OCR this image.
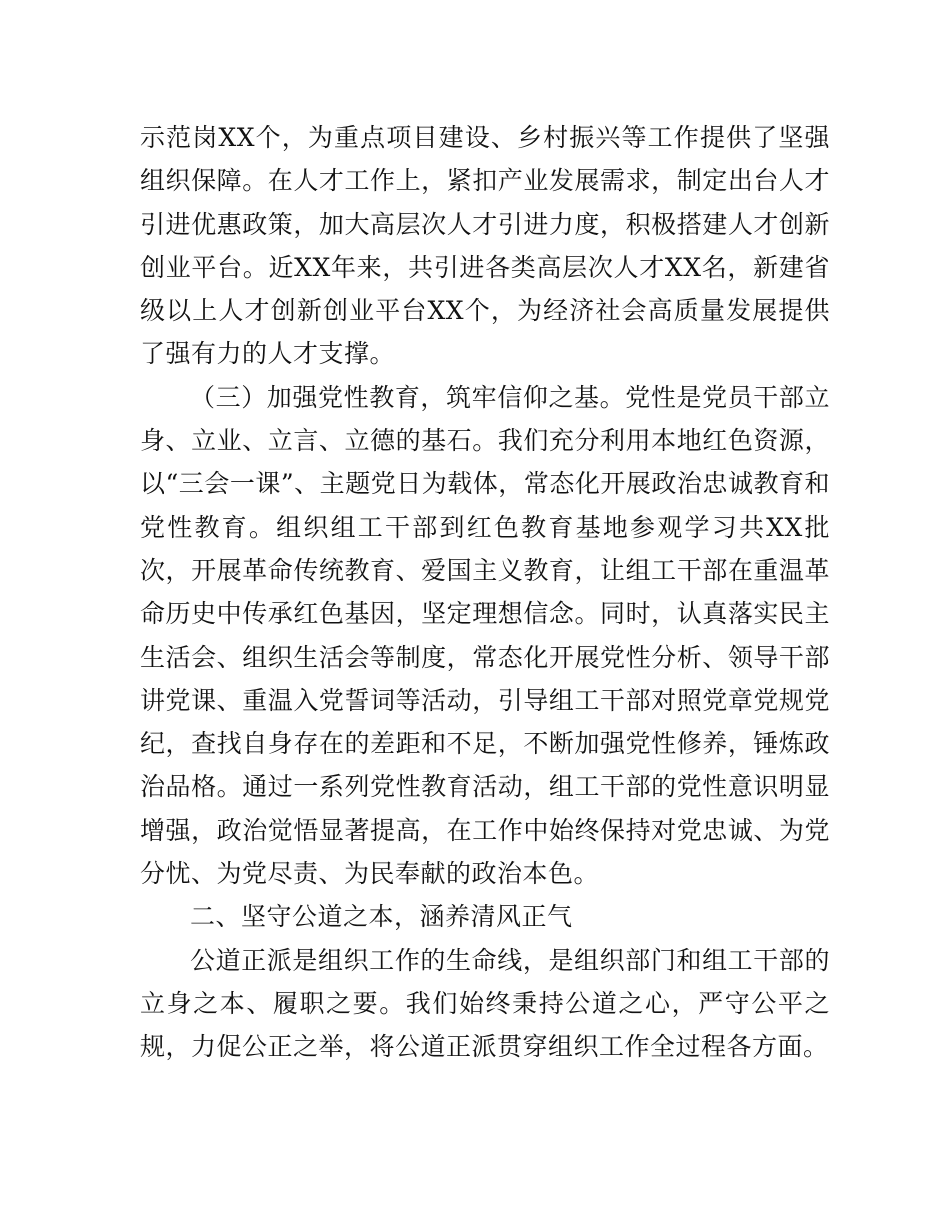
示范岗XX个，为重点项目建设、乡村振兴等工作提供了坚强组织保障。在人才工作上，紧扣产业发展需求，制定出台人才引进优惠政策，加大高层次人才引进力度，积极搭建人才创新创业平台。近XX年来，共引进各类高层次人才XX名，新建省级以上人才创新创业平台XX个，为经济社会高质量发展提供了强有力的人才支撑。

（三）加强党性教育，筑牢信仰之基。党性是党员干部立身、立业、立言、立德的基石。我们充分利用本地红色资源，以“三会一课”、主题党日为载体，常态化开展政治忠诚教育和党性教育。组织组工干部到红色教育基地参观学习共XX批次，开展革命传统教育、爱国主义教育，让组工干部在重温革命历史中传承红色基因，坚定理想信念。同时，认真落实民主生活会、组织生活会等制度，常态化开展党性分析、领导干部讲党课、重温入党誓词等活动，引导组工干部对照党章党规党纪，查找自身存在的差距和不足，不断加强党性修养，锤炼政治品格。通过一系列党性教育活动，组工干部的党性意识明显增强，政治觉悟显著提高，在工作中始终保持对党忠诚、为党分忧、为党尽责、为民奉献的政治本色。

二、坚守公道之本，涵养清风正气

公道正派是组织工作的生命线，是组织部门和组工干部的立身之本、履职之要。我们始终秉持公道之心，严守公平之规，力促公正之举，将公道正派贯穿组织工作全过程各方面。
